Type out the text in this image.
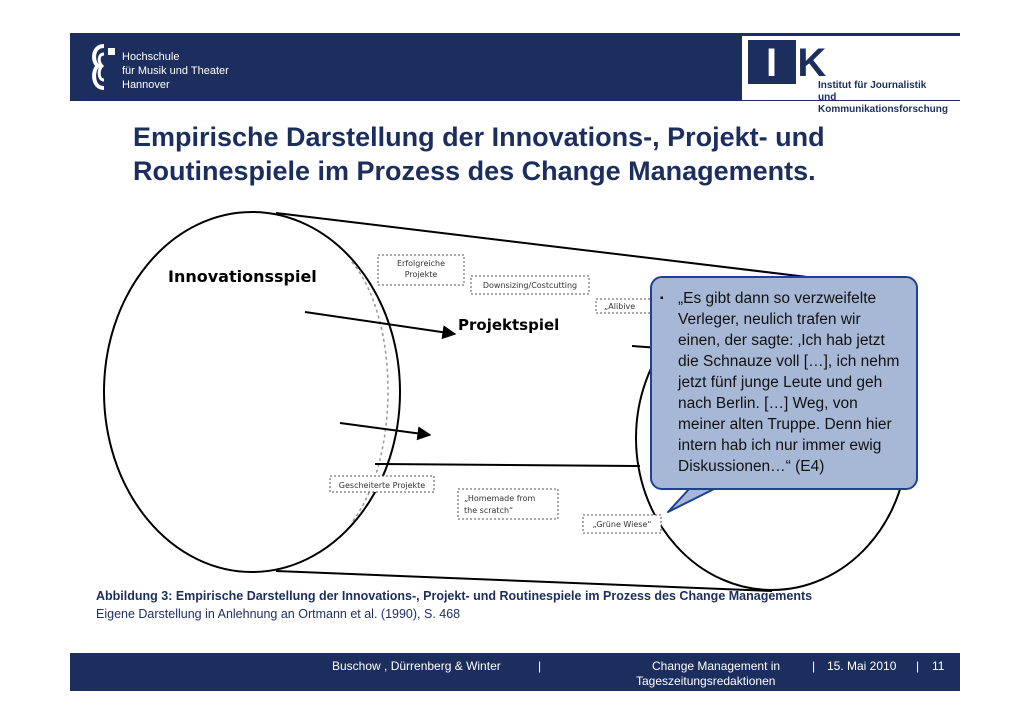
Hochschule
für Musik und Theater
Hannover	IJK
Institut für Journalistik
und Kommunikationsforschung
Empirische Darstellung der Innovations-, Projekt- und
Routinespiele im Prozess des Change Managements.
Innovationsspiel
Projektspiel
Erfolgreiche
Projekte
Downsizing/Costcutting
„Alibive
Gescheiterte Projekte
„Homemade from
the scratch“
„Grüne Wiese“
▪ „Es gibt dann so verzweifelte
Verleger, neulich trafen wir
einen, der sagte: ‚Ich hab jetzt
die Schnauze voll […], ich nehm
jetzt fünf junge Leute und geh
nach Berlin. […] Weg, von
meiner alten Truppe. Denn hier
intern hab ich nur immer ewig
Diskussionen…“ (E4)
Abbildung 3: Empirische Darstellung der Innovations-, Projekt- und Routinespiele im Prozess des Change Managements
Eigene Darstellung in Anlehnung an Ortmann et al. (1990), S. 468
Buschow , Dürrenberg & Winter	|	Change Management in
Tageszeitungsredaktionen
| 15. Mai 2010 | 11
